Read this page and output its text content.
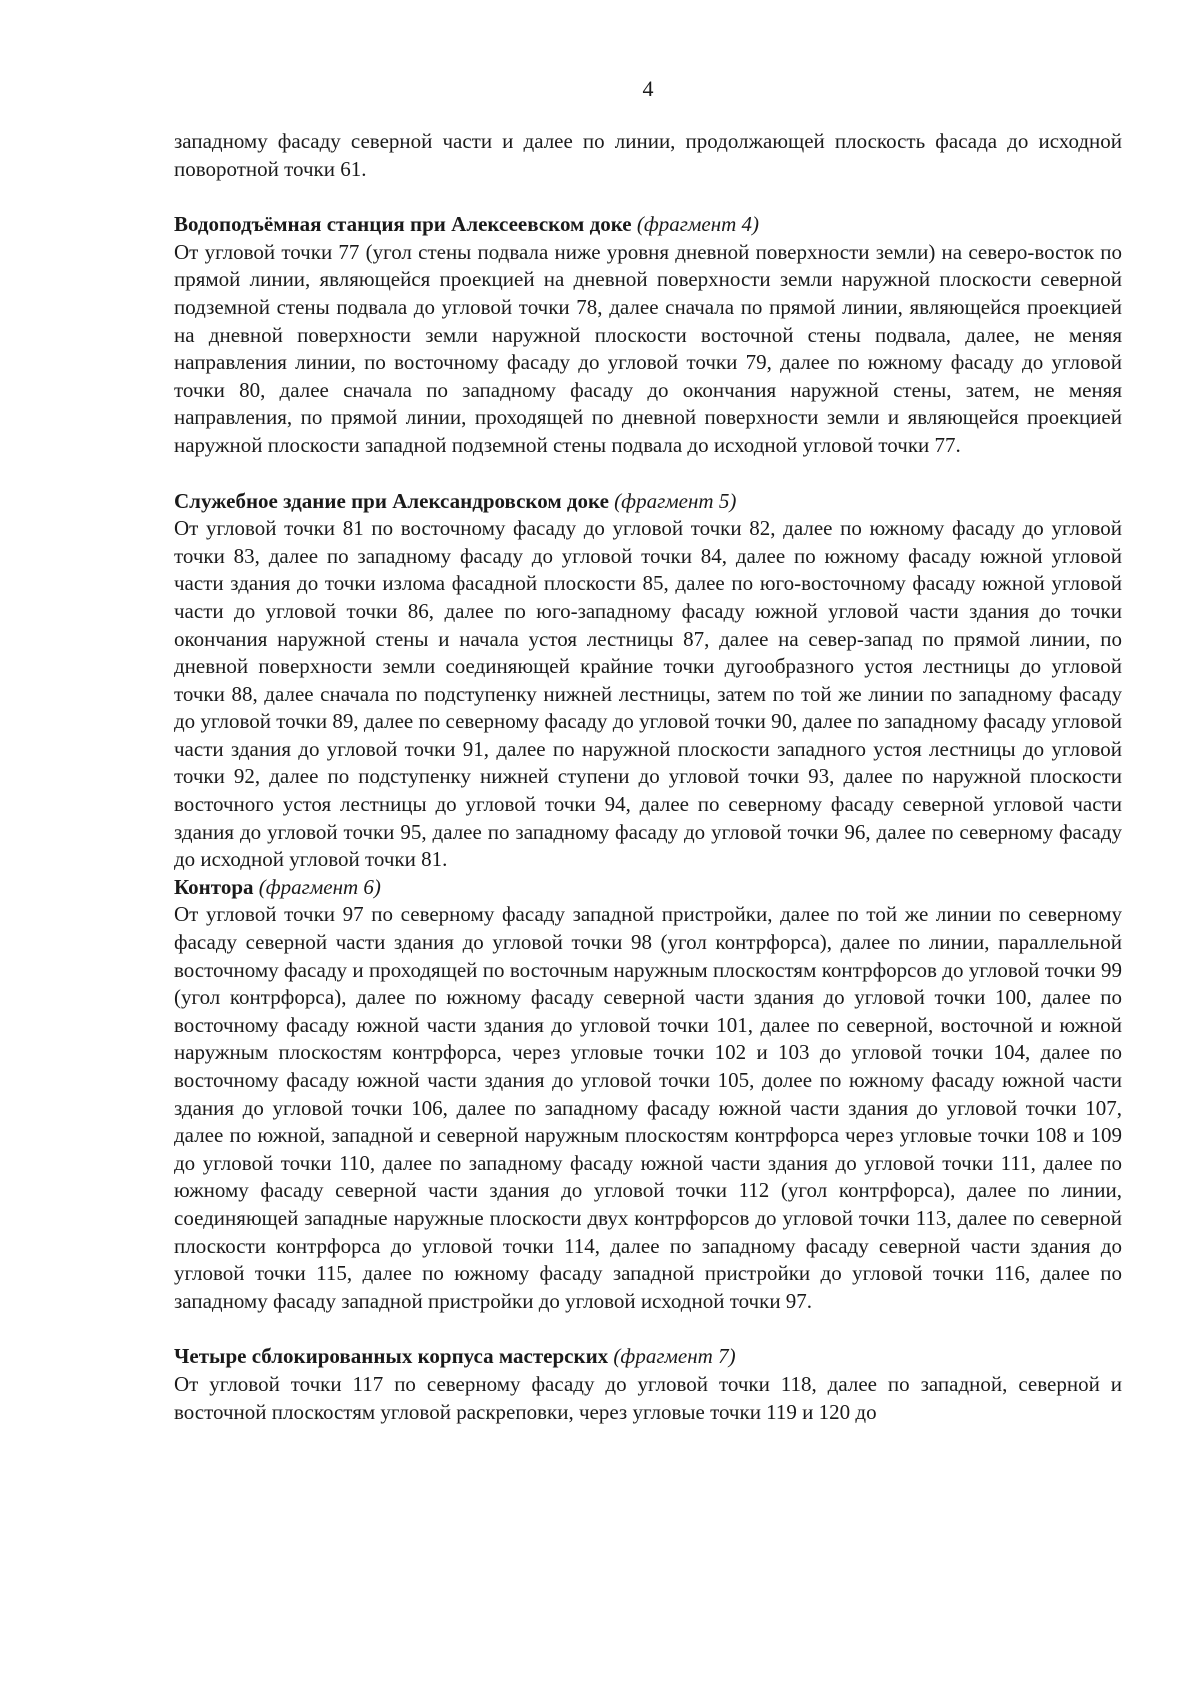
4

западному фасаду северной части и далее по линии, продолжающей плоскость фасада до исходной поворотной точки 61.

Водоподъёмная станция при Алексеевском доке (фрагмент 4)

От угловой точки 77 (угол стены подвала ниже уровня дневной поверхности земли) на северо-восток по прямой линии, являющейся проекцией на дневной поверхности земли наружной плоскости северной подземной стены подвала до угловой точки 78, далее сначала по прямой линии, являющейся проекцией на дневной поверхности земли наружной плоскости восточной стены подвала, далее, не меняя направления линии, по восточному фасаду до угловой точки 79, далее по южному фасаду до угловой точки 80, далее сначала по западному фасаду до окончания наружной стены, затем, не меняя направления, по прямой линии, проходящей по дневной поверхности земли и являющейся проекцией наружной плоскости западной подземной стены подвала до исходной угловой точки 77.

Служебное здание при Александровском доке (фрагмент 5)

От угловой точки 81 по восточному фасаду до угловой точки 82, далее по южному фасаду до угловой точки 83, далее по западному фасаду до угловой точки 84, далее по южному фасаду южной угловой части здания до точки излома фасадной плоскости 85, далее по юго-восточному фасаду южной угловой части до угловой точки 86, далее по юго-западному фасаду южной угловой части здания до точки окончания наружной стены и начала устоя лестницы 87, далее на север-запад по прямой линии, по дневной поверхности земли соединяющей крайние точки дугообразного устоя лестницы до угловой точки 88, далее сначала по подступенку нижней лестницы, затем по той же линии по западному фасаду до угловой точки 89, далее по северному фасаду до угловой точки 90, далее по западному фасаду угловой части здания до угловой точки 91, далее по наружной плоскости западного устоя лестницы до угловой точки 92, далее по подступенку нижней ступени до угловой точки 93, далее по наружной плоскости восточного устоя лестницы до угловой точки 94, далее по северному фасаду северной угловой части здания до угловой точки 95, далее по западному фасаду до угловой точки 96, далее по северному фасаду до исходной угловой точки 81.

Контора (фрагмент 6)

От угловой точки 97 по северному фасаду западной пристройки, далее по той же линии по северному фасаду северной части здания до угловой точки 98 (угол контрфорса), далее по линии, параллельной восточному фасаду и проходящей по восточным наружным плоскостям контрфорсов до угловой точки 99 (угол контрфорса), далее по южному фасаду северной части здания до угловой точки 100, далее по восточному фасаду южной части здания до угловой точки 101, далее по северной, восточной и южной наружным плоскостям контрфорса, через угловые точки 102 и 103 до угловой точки 104, далее по восточному фасаду южной части здания до угловой точки 105, долее по южному фасаду южной части здания до угловой точки 106, далее по западному фасаду южной части здания до угловой точки 107, далее по южной, западной и северной наружным плоскостям контрфорса через угловые точки 108 и 109 до угловой точки 110, далее по западному фасаду южной части здания до угловой точки 111, далее по южному фасаду северной части здания до угловой точки 112 (угол контрфорса), далее по линии, соединяющей западные наружные плоскости двух контрфорсов до угловой точки 113, далее по северной плоскости контрфорса до угловой точки 114, далее по западному фасаду северной части здания до угловой точки 115, далее по южному фасаду западной пристройки до угловой точки 116, далее по западному фасаду западной пристройки до угловой исходной точки 97.

Четыре сблокированных корпуса мастерских (фрагмент 7)

От угловой точки 117 по северному фасаду до угловой точки 118, далее по западной, северной и восточной плоскостям угловой раскреповки, через угловые точки 119 и 120 до
